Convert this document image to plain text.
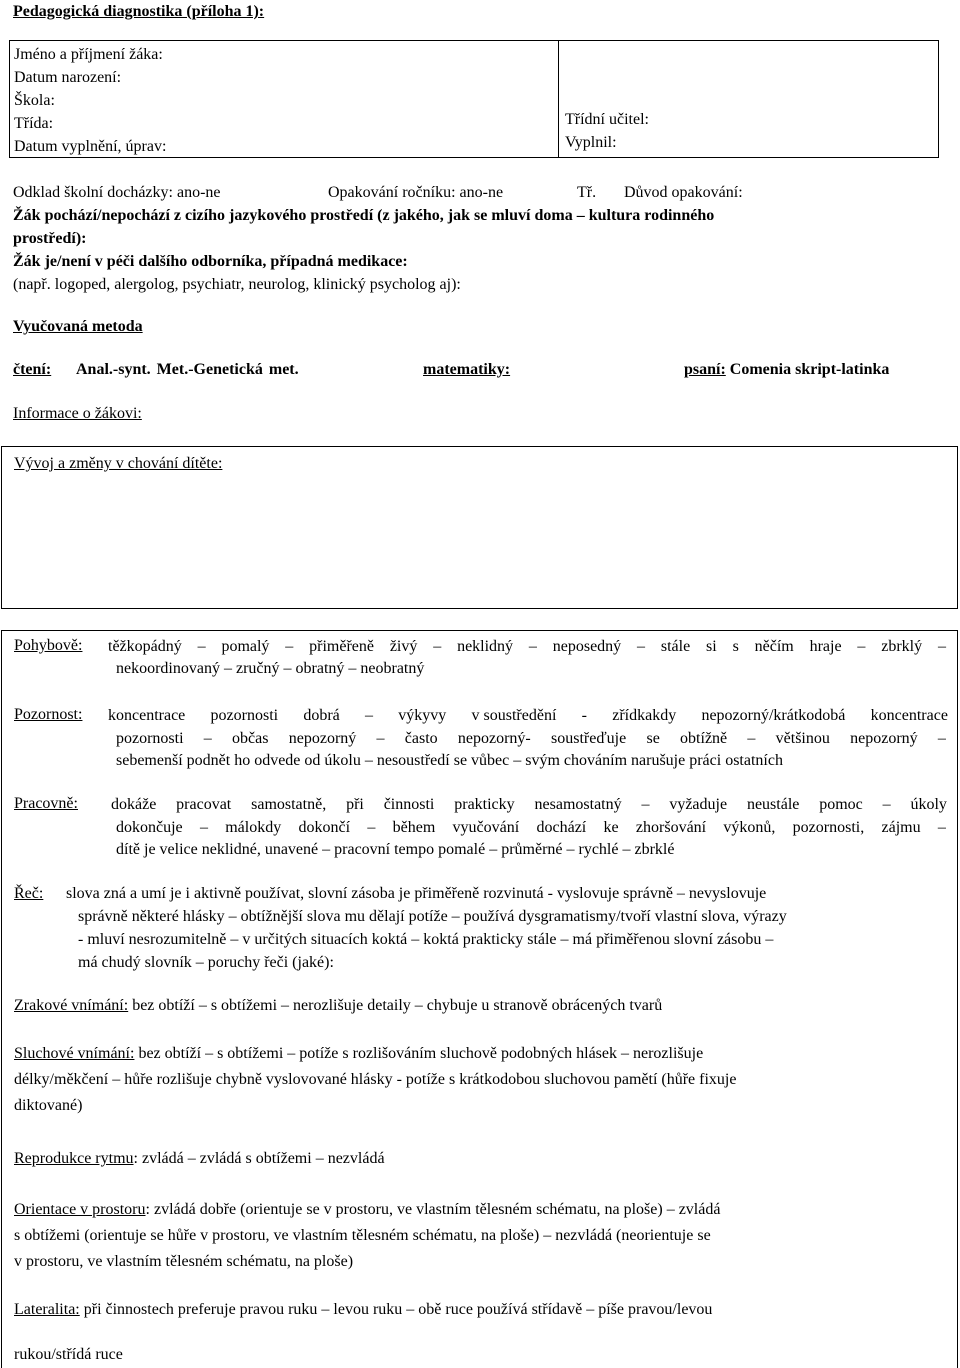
Pedagogická diagnostika (příloha 1):
Jméno a příjmení žáka:
Datum narození:
Škola:
Třída:
Datum vyplnění, úprav:
Třídní učitel:
Vyplnil:
Odklad školní docházky: ano-ne	Opakování ročníku: ano-ne	Tř. Důvod opakování:
Žák pochází/nepochází z cizího jazykového prostředí (z jakého, jak se mluví doma – kultura rodinného
prostředí):
Žák je/není v péči dalšího odborníka, případná medikace:
(např. logoped, alergolog, psychiatr, neurolog, klinický psycholog aj):
Vyučovaná metoda
čtení: Anal.-synt. Met.-Genetická met.	matematiky:	psaní: Comenia skript-latinka
Informace o žákovi:
Vývoj a změny v chování dítěte:
Pohybově: těžkopádný – pomalý – přiměřeně živý – neklidný – neposedný – stále si s něčím hraje – zbrklý –
nekoordinovaný – zručný – obratný – neobratný
Pozornost: koncentrace pozornosti dobrá – výkyvy v soustředění - zřídkakdy nepozorný/krátkodobá koncentrace
pozornosti – občas nepozorný – často nepozorný- soustřeďuje se obtížně – většinou nepozorný –
sebemenší podnět ho odvede od úkolu – nesoustředí se vůbec – svým chováním narušuje práci ostatních
Pracovně: dokáže pracovat samostatně, při činnosti prakticky nesamostatný – vyžaduje neustále pomoc – úkoly
dokončuje – málokdy dokončí – během vyučování dochází ke zhoršování výkonů, pozornosti, zájmu –
dítě je velice neklidné, unavené – pracovní tempo pomalé – průměrné – rychlé – zbrklé
Řeč: slova zná a umí je i aktivně používat, slovní zásoba je přiměřeně rozvinutá - vyslovuje správně – nevyslovuje
správně některé hlásky – obtížnější slova mu dělají potíže – používá dysgramatismy/tvoří vlastní slova, výrazy
- mluví nesrozumitelně – v určitých situacích koktá – koktá prakticky stále – má přiměřenou slovní zásobu –
má chudý slovník – poruchy řeči (jaké):
Zrakové vnímání: bez obtíží – s obtížemi – nerozlišuje detaily – chybuje u stranově obrácených tvarů
Sluchové vnímání: bez obtíží – s obtížemi – potíže s rozlišováním sluchově podobných hlásek – nerozlišuje
délky/měkčení – hůře rozlišuje chybně vyslovované hlásky - potíže s krátkodobou sluchovou pamětí (hůře fixuje
diktované)
Reprodukce rytmu: zvládá – zvládá s obtížemi – nezvládá
Orientace v prostoru: zvládá dobře (orientuje se v prostoru, ve vlastním tělesném schématu, na ploše) – zvládá
s obtížemi (orientuje se hůře v prostoru, ve vlastním tělesném schématu, na ploše) – nezvládá (neorientuje se
v prostoru, ve vlastním tělesném schématu, na ploše)
Lateralita: při činnostech preferuje pravou ruku – levou ruku – obě ruce používá střídavě – píše pravou/levou
rukou/střídá ruce
